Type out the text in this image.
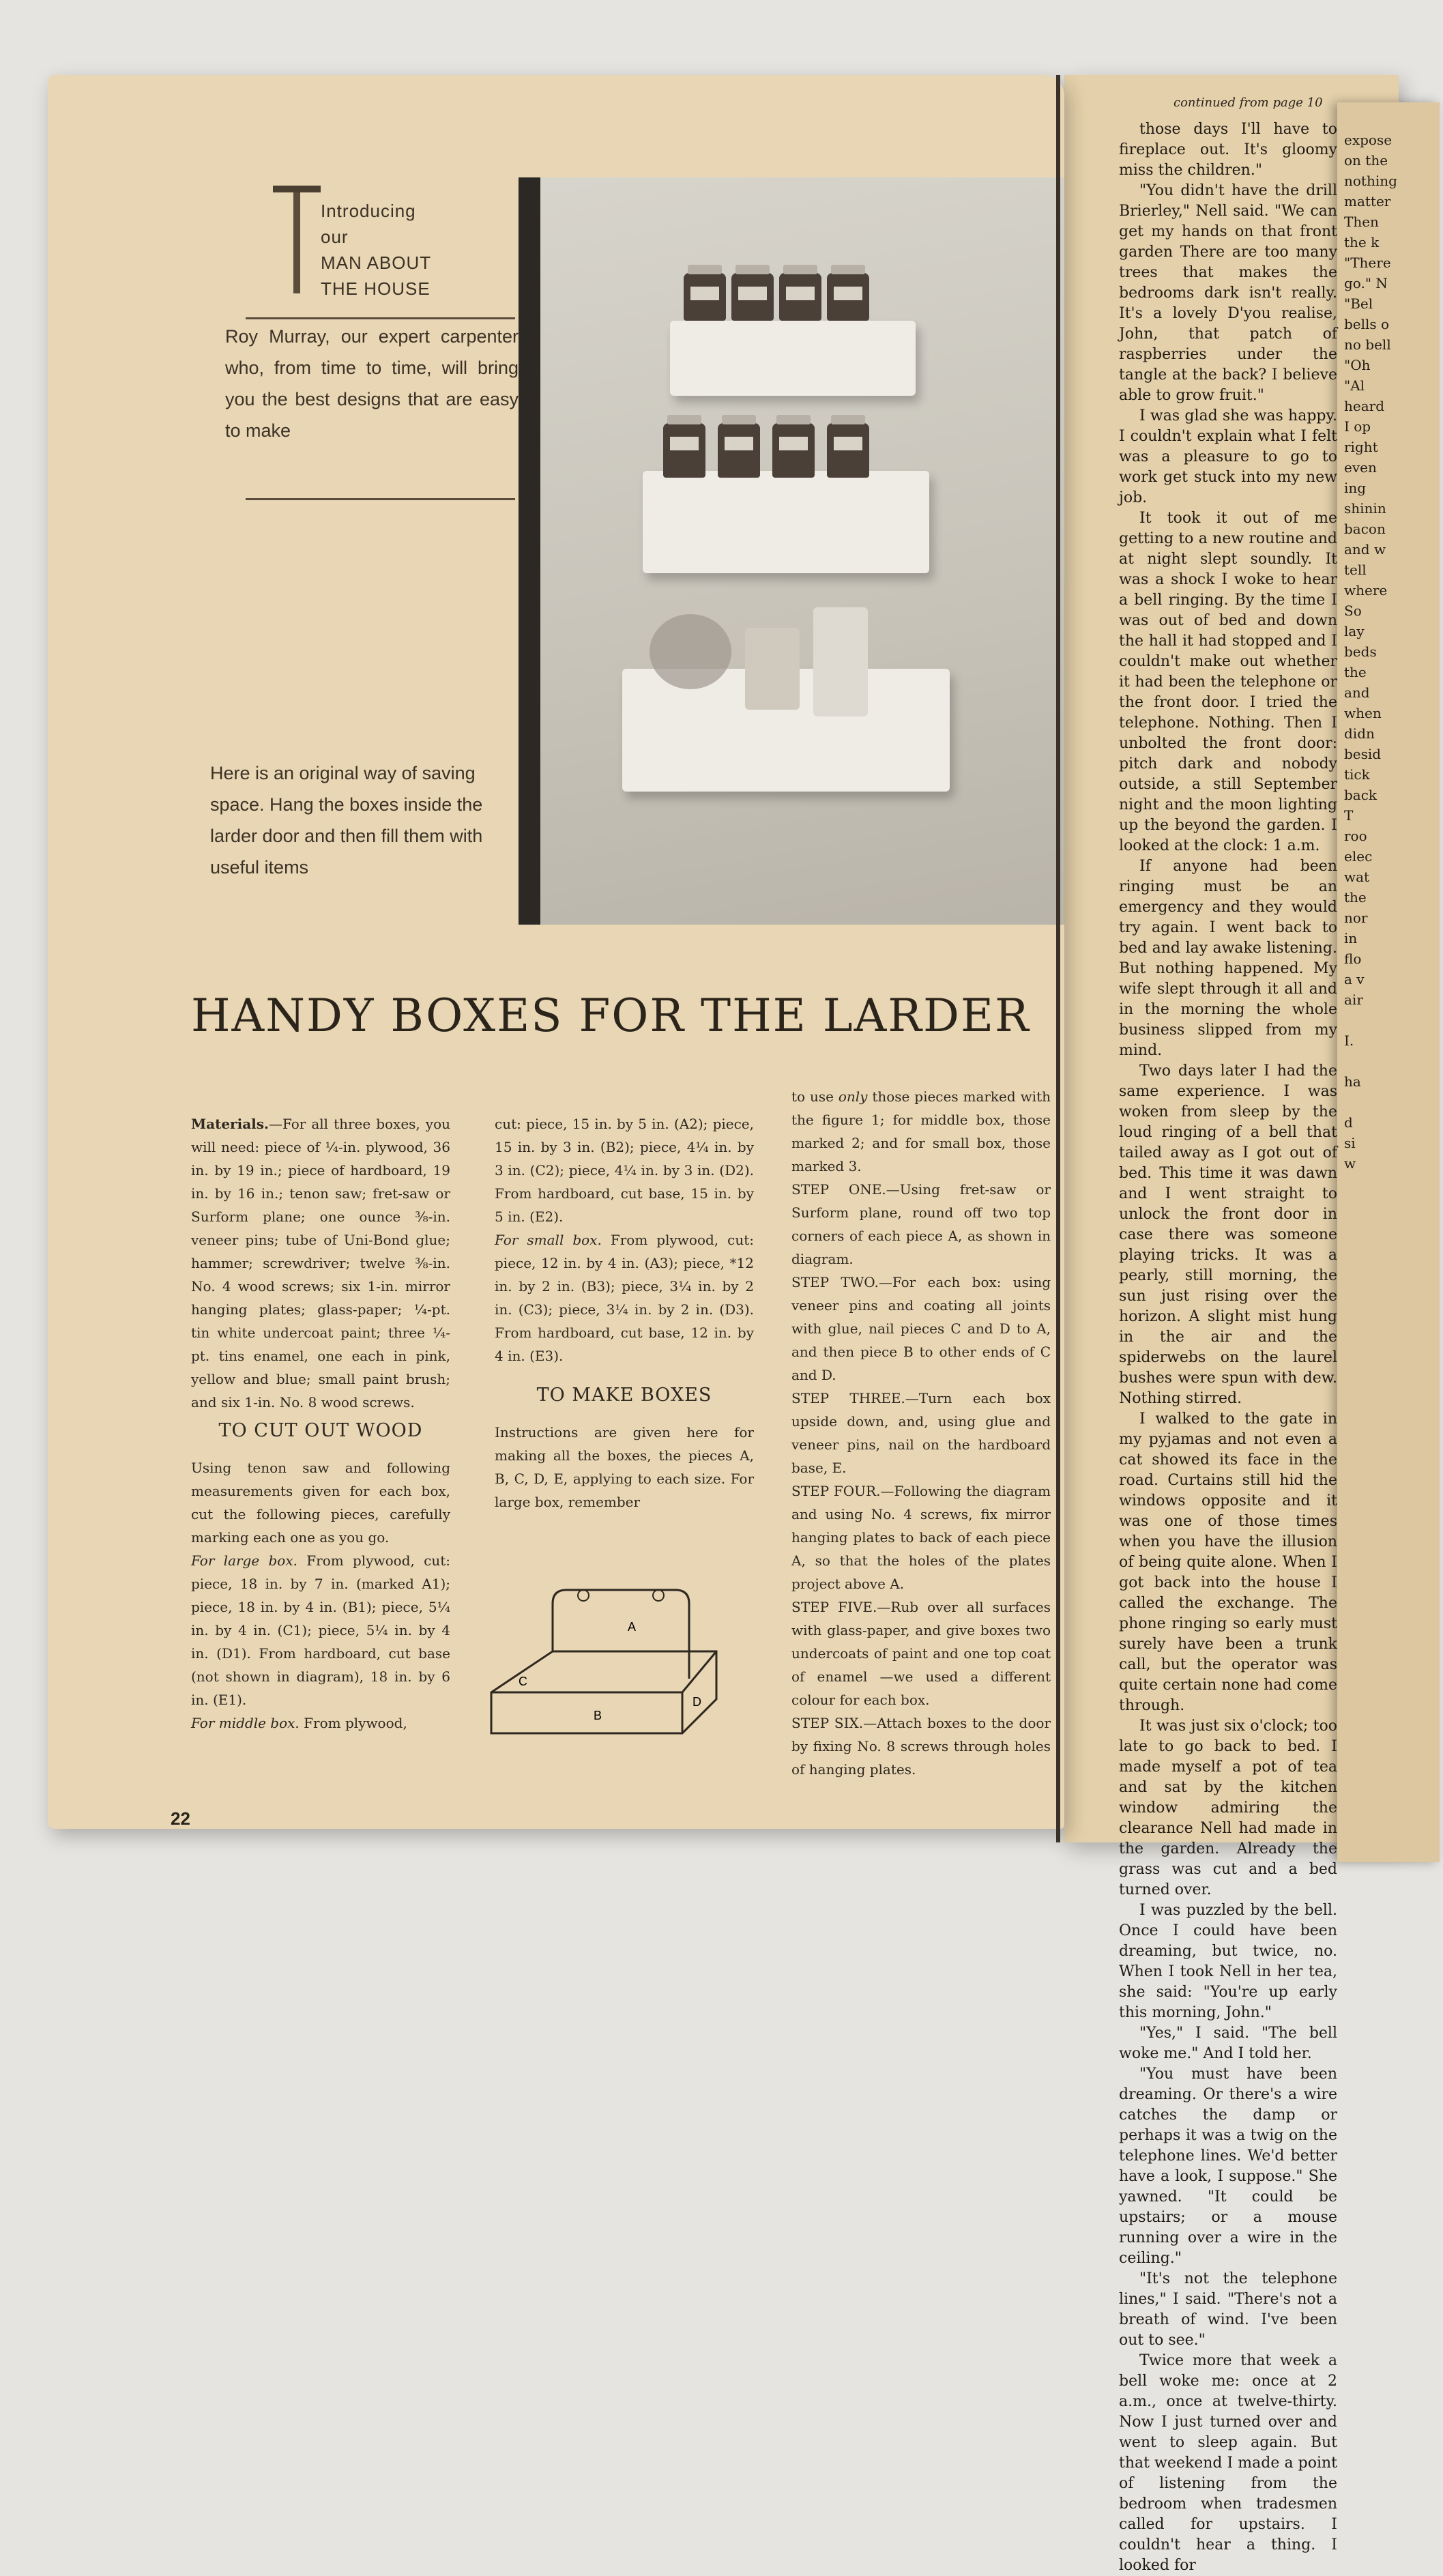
expose
on the
nothing
matter
Then
the k
"There
go." N
"Bel
bells o
no bell
"Oh
"Al
heard
I op
right
even
ing
shinin
bacon
and w
tell
where
So
lay
beds
the
and
when
didn
besid
tick
back
T
roo
elec
wat
the
nor
in
flo
a v
air

I.

ha

d
si
w
Introducing
our
MAN ABOUT
THE HOUSE
Roy Murray, our expert carpenter who, from time to time, will bring you the best designs that are easy to make
Here is an original way of saving space. Hang the boxes inside the larder door and then fill them with useful items
HANDY BOXES FOR THE LARDER

Materials.—For all three boxes, you will need: piece of ¼-in. plywood, 36 in. by 19 in.; piece of hardboard, 19 in. by 16 in.; tenon saw; fret-saw or Surform plane; one ounce ⅜-in. veneer pins; tube of Uni-Bond glue; hammer; screwdriver; twelve ⅜-in. No. 4 wood screws; six 1-in. mirror hanging plates; glass-paper; ¼-pt. tin white undercoat paint; three ¼-pt. tins enamel, one each in pink, yellow and blue; small paint brush; and six 1-in. No. 8 wood screws.

TO CUT OUT WOOD

Using tenon saw and following measurements given for each box, cut the following pieces, carefully marking each one as you go.

For large box. From plywood, cut: piece, 18 in. by 7 in. (marked A1); piece, 18 in. by 4 in. (B1); piece, 5¼ in. by 4 in. (C1); piece, 5¼ in. by 4 in. (D1). From hardboard, cut base (not shown in diagram), 18 in. by 6 in. (E1).

For middle box. From plywood,

cut: piece, 15 in. by 5 in. (A2); piece, 15 in. by 3 in. (B2); piece, 4¼ in. by 3 in. (C2); piece, 4¼ in. by 3 in. (D2). From hardboard, cut base, 15 in. by 5 in. (E2).

For small box. From plywood, cut: piece, 12 in. by 4 in. (A3); piece, *12 in. by 2 in. (B3); piece, 3¼ in. by 2 in. (C3); piece, 3¼ in. by 2 in. (D3). From hardboard, cut base, 12 in. by 4 in. (E3).

TO MAKE BOXES

Instructions are given here for making all the boxes, the pieces A, B, C, D, E, applying to each size. For large box, remember

A
B
C
D

to use only those pieces marked with the figure 1; for middle box, those marked 2; and for small box, those marked 3.

STEP ONE.—Using fret-saw or Surform plane, round off two top corners of each piece A, as shown in diagram.

STEP TWO.—For each box: using veneer pins and coating all joints with glue, nail pieces C and D to A, and then piece B to other ends of C and D.

STEP THREE.—Turn each box upside down, and, using glue and veneer pins, nail on the hardboard base, E.

STEP FOUR.—Following the diagram and using No. 4 screws, fix mirror hanging plates to back of each piece A, so that the holes of the plates project above A.

STEP FIVE.—Rub over all surfaces with glass-paper, and give boxes two undercoats of paint and one top coat of enamel —we used a different colour for each box.

STEP SIX.—Attach boxes to the door by fixing No. 8 screws through holes of hanging plates.

22
continued from page 10

those days I'll have to fireplace out. It's gloomy miss the children."

"You didn't have the drill Brierley," Nell said. "We can get my hands on that front garden There are too many trees that makes the bedrooms dark isn't really. It's a lovely D'you realise, John, that patch of raspberries under the tangle at the back? I believe able to grow fruit."

I was glad she was happy. I couldn't explain what I felt was a pleasure to go to work get stuck into my new job.

It took it out of me getting to a new routine and at night slept soundly. It was a shock I woke to hear a bell ringing. By the time I was out of bed and down the hall it had stopped and I couldn't make out whether it had been the telephone or the front door. I tried the telephone. Nothing. Then I unbolted the front door: pitch dark and nobody outside, a still September night and the moon lighting up the beyond the garden. I looked at the clock: 1 a.m.

If anyone had been ringing must be an emergency and they would try again. I went back to bed and lay awake listening. But nothing happened. My wife slept through it all and in the morning the whole business slipped from my mind.

Two days later I had the same experience. I was woken from sleep by the loud ringing of a bell that tailed away as I got out of bed. This time it was dawn and I went straight to unlock the front door in case there was someone playing tricks. It was a pearly, still morning, the sun just rising over the horizon. A slight mist hung in the air and the spiderwebs on the laurel bushes were spun with dew. Nothing stirred.

I walked to the gate in my pyjamas and not even a cat showed its face in the road. Curtains still hid the windows opposite and it was one of those times when you have the illusion of being quite alone. When I got back into the house I called the exchange. The phone ringing so early must surely have been a trunk call, but the operator was quite certain none had come through.

It was just six o'clock; too late to go back to bed. I made myself a pot of tea and sat by the kitchen window admiring the clearance Nell had made in the garden. Already the grass was cut and a bed turned over.

I was puzzled by the bell. Once I could have been dreaming, but twice, no. When I took Nell in her tea, she said: "You're up early this morning, John."

"Yes," I said. "The bell woke me." And I told her.

"You must have been dreaming. Or there's a wire catches the damp or perhaps it was a twig on the telephone lines. We'd better have a look, I suppose." She yawned. "It could be upstairs; or a mouse running over a wire in the ceiling."

"It's not the telephone lines," I said. "There's not a breath of wind. I've been out to see."

Twice more that week a bell woke me: once at 2 a.m., once at twelve-thirty. Now I just turned over and went to sleep again. But that weekend I made a point of listening from the bedroom when tradesmen called for upstairs. I couldn't hear a thing. I looked for
